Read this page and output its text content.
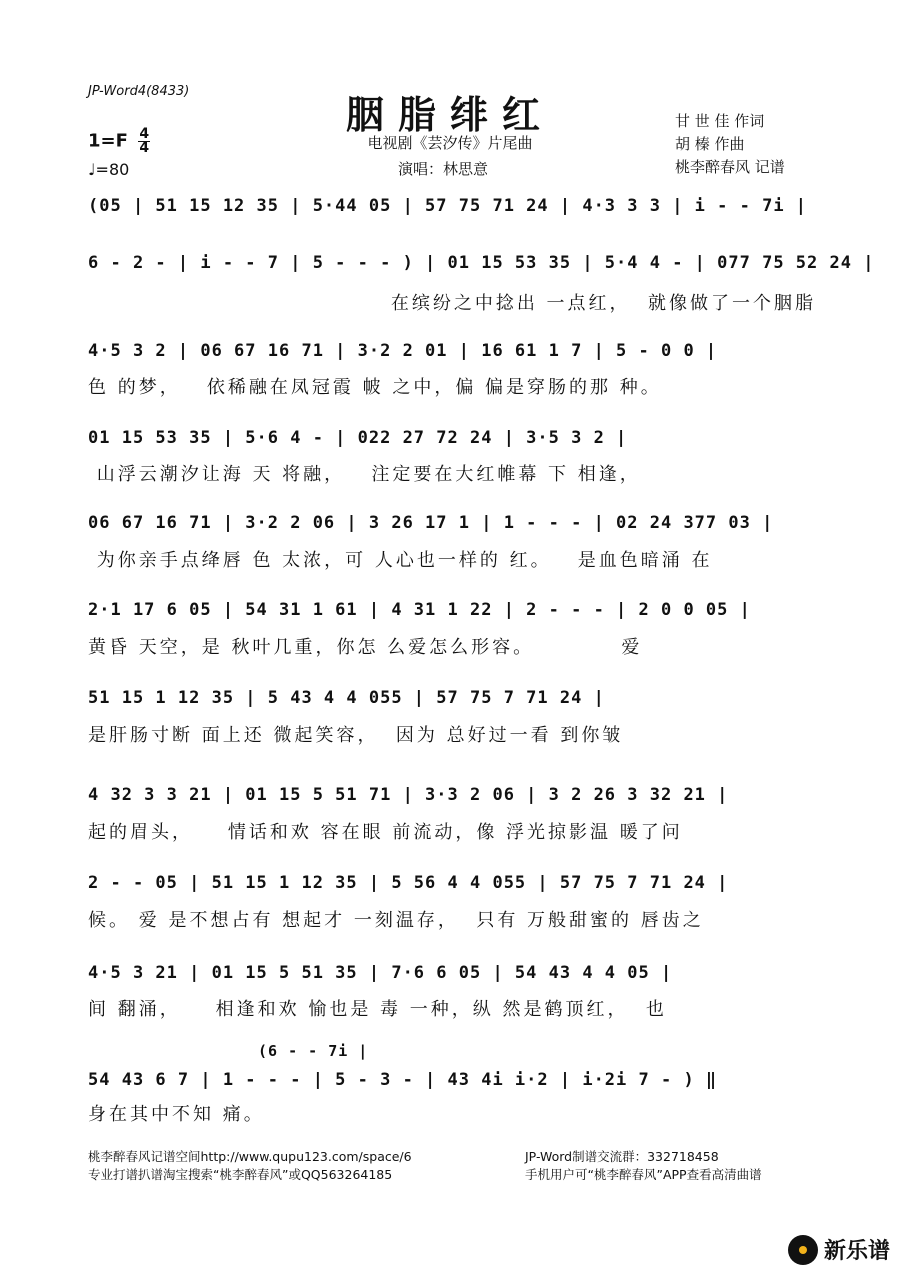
JP-Word4(8433)
胭脂绯红
电视剧《芸汐传》片尾曲
演唱：林思意
甘 世 佳 作词
胡 榛 作曲
桃李醉春风 记谱
$1=F \frac{4}{4}$
♩=80
(05 | 51 15 12 35 | 5·44 05 | 57 75 71 24 | 4·3 3 3 | i - - 7i |
6 - 2 - | i - - 7 | 5 - - - ) | 01 15 53 35 | 5·4 4 - | 077 75 52 24 |
在缤纷之中捻出 一点红，  就像做了一个胭脂
4·5 3 2 | 06 67 16 71 | 3·2 2 01 | 16 61 1 7 | 5 - 0 0 |
色 的梦，   依稀融在凤冠霞 帔 之中，偏 偏是穿肠的那 种。
01 15 53 35 | 5·6 4 - | 022 27 72 24 | 3·5 3 2 |
山浮云潮汐让海 天 将融，   注定要在大红帷幕 下 相逢，
06 67 16 71 | 3·2 2 06 | 3 26 17 1 | 1 - - - | 02 24 377 03 |
为你亲手点绛唇 色 太浓，可 人心也一样的 红。   是血色暗涌 在
2·1 17 6 05 | 54 31 1 61 | 4 31 1 22 | 2 - - - | 2 0 0 05 |
黄昏 天空，是 秋叶几重，你怎 么爱怎么形容。          爱
51 15 1 12 35 | 5 43 4 4 055 | 57 75 7 71 24 |
是肝肠寸断 面上还 微起笑容，  因为 总好过一看 到你皱
4 32 3 3 21 | 01 15 5 51 71 | 3·3 2 06 | 3 2 26 3 32 21 |
起的眉头，    情话和欢 容在眼 前流动，像 浮光掠影温 暖了问
2 - - 05 | 51 15 1 12 35 | 5 56 4 4 055 | 57 75 7 71 24 |
候。 爱 是不想占有 想起才 一刻温存，  只有 万般甜蜜的 唇齿之
4·5 3 21 | 01 15 5 51 35 | 7·6 6 05 | 54 43 4 4 05 |
间 翻涌，    相逢和欢 愉也是 毒 一种，纵 然是鹤顶红，  也
(6 - - 7i |
54 43 6 7 | 1 - - - | 5 - 3 - | 43 4i i·2 | i·2i 7 - ) ‖
身在其中不知 痛。
桃李醉春风记谱空间http://www.qupu123.com/space/6
专业打谱扒谱淘宝搜索“桃李醉春风”或QQ563264185
JP-Word制谱交流群：332718458
手机用户可“桃李醉春风”APP查看高清曲谱
新乐谱
